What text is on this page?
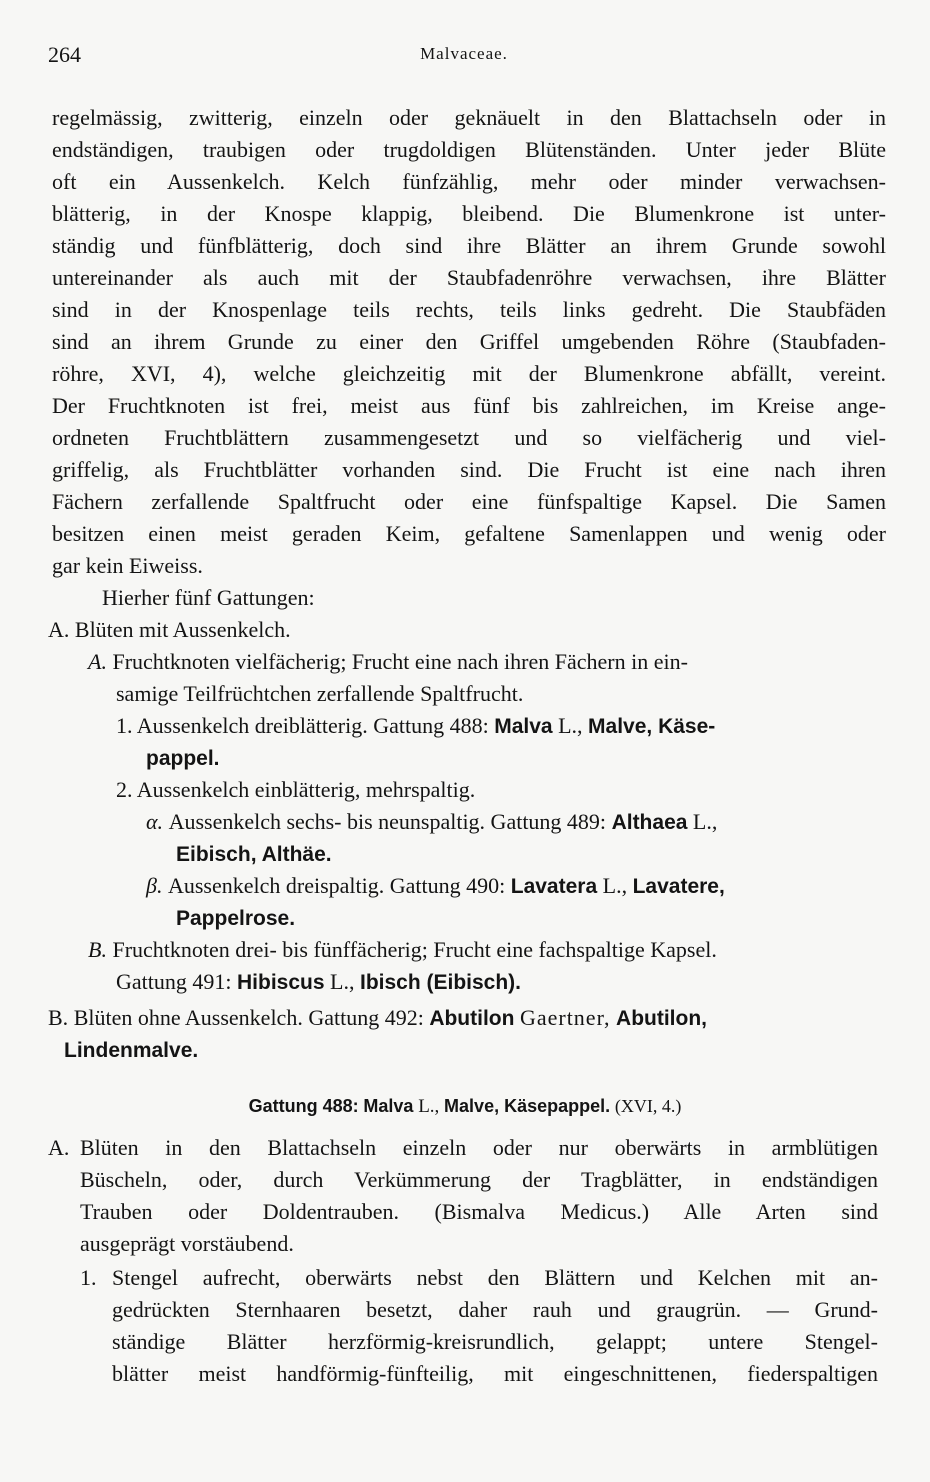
264	Malvaceae.
regelmässig, zwitterig, einzeln oder geknäuelt in den Blattachseln oder in
endständigen, traubigen oder trugdoldigen Blütenständen. Unter jeder Blüte
oft ein Aussenkelch. Kelch fünfzählig, mehr oder minder verwachsen-
blätterig, in der Knospe klappig, bleibend. Die Blumenkrone ist unter-
ständig und fünfblätterig, doch sind ihre Blätter an ihrem Grunde sowohl
untereinander als auch mit der Staubfadenröhre verwachsen, ihre Blätter
sind in der Knospenlage teils rechts, teils links gedreht. Die Staubfäden
sind an ihrem Grunde zu einer den Griffel umgebenden Röhre (Staubfaden-
röhre, XVI, 4), welche gleichzeitig mit der Blumenkrone abfällt, vereint.
Der Fruchtknoten ist frei, meist aus fünf bis zahlreichen, im Kreise ange-
ordneten Fruchtblättern zusammengesetzt und so vielfächerig und viel-
griffelig, als Fruchtblätter vorhanden sind. Die Frucht ist eine nach ihren
Fächern zerfallende Spaltfrucht oder eine fünfspaltige Kapsel. Die Samen
besitzen einen meist geraden Keim, gefaltene Samenlappen und wenig oder
gar kein Eiweiss.
Hierher fünf Gattungen:
A. Blüten mit Aussenkelch.
A. Fruchtknoten vielfächerig; Frucht eine nach ihren Fächern in ein-
samige Teilfrüchtchen zerfallende Spaltfrucht.
1. Aussenkelch dreiblätterig. Gattung 488: Malva L., Malve, Käse-
pappel.
2. Aussenkelch einblätterig, mehrspaltig.
α. Aussenkelch sechs- bis neunspaltig. Gattung 489: Althaea L.,
Eibisch, Althäe.
β. Aussenkelch dreispaltig. Gattung 490: Lavatera L., Lavatere,
Pappelrose.
B. Fruchtknoten drei- bis fünffächerig; Frucht eine fachspaltige Kapsel.
Gattung 491: Hibiscus L., Ibisch (Eibisch).
B. Blüten ohne Aussenkelch. Gattung 492: Abutilon Gaertner, Abutilon,
Lindenmalve.
Gattung 488: Malva L., Malve, Käsepappel. (XVI, 4.)
A. Blüten in den Blattachseln einzeln oder nur oberwärts in armblütigen
Büscheln, oder, durch Verkümmerung der Tragblätter, in endständigen
Trauben oder Doldentrauben. (Bismalva Medicus.) Alle Arten sind
ausgeprägt vorstäubend.
1. Stengel aufrecht, oberwärts nebst den Blättern und Kelchen mit an-
gedrückten Sternhaaren besetzt, daher rauh und graugrün. — Grund-
ständige Blätter herzförmig-kreisrundlich, gelappt; untere Stengel-
blätter meist handförmig-fünfteilig, mit eingeschnittenen, fiederspaltigen
